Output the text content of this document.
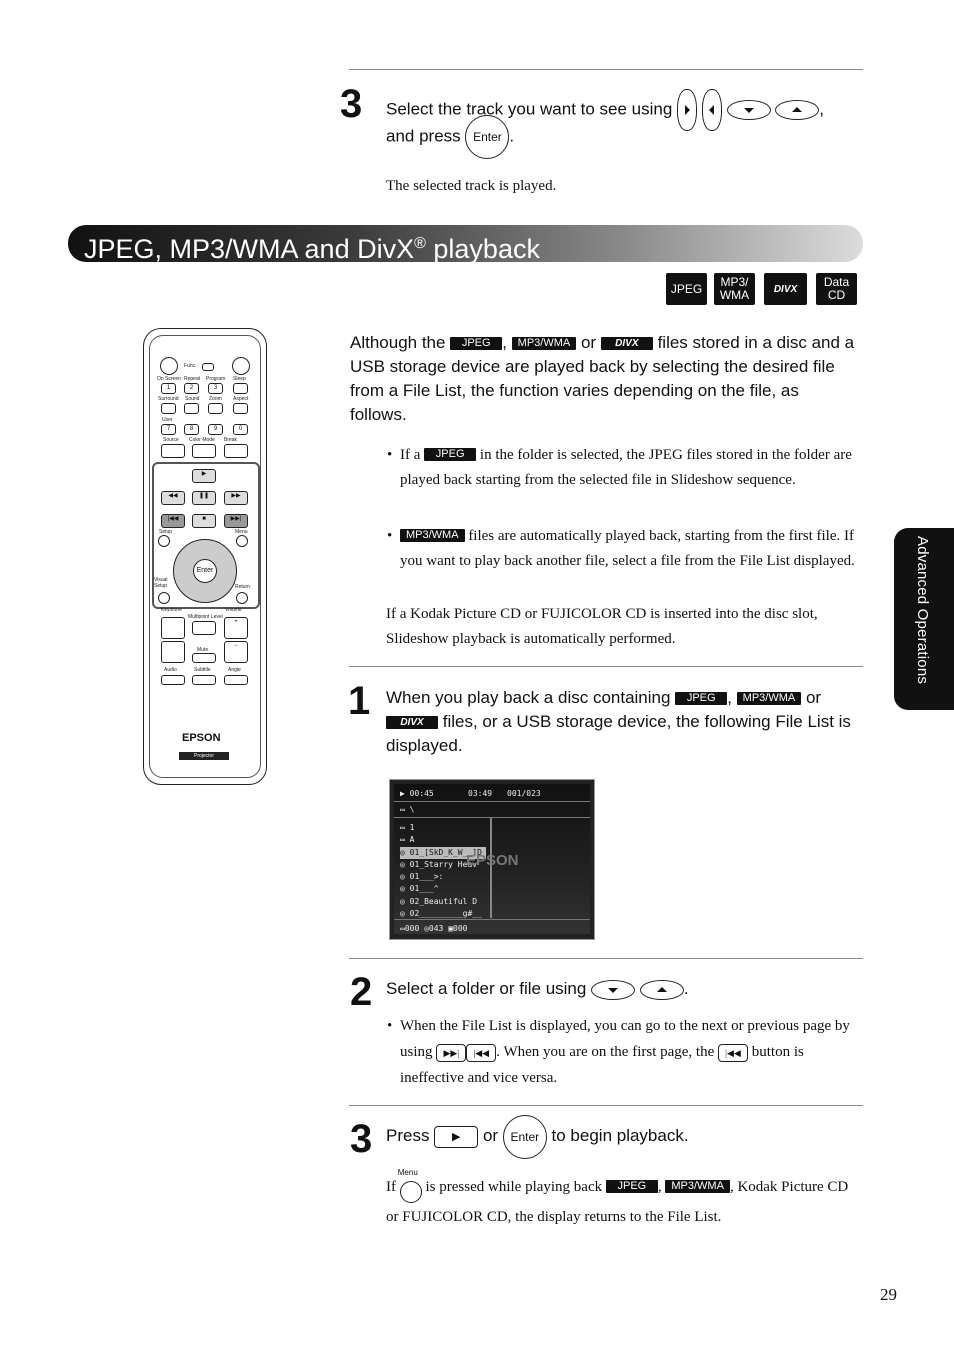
3 Select the track you want to see using

	,
and press Enter .
The selected track is played.
JPEG, MP3/WMA and DivX® playback
JPEG	MP3/ WMA	DIVX	Data CD
Func.
On Screen Repeat Program Sleep
1	2	3
Surround Sound Zoom Aspect
User
7	8	9	0
Source Color Mode Break
▶
◀◀	❚❚	▶▶
|◀◀	■	▶▶|
Setup	Menu
Enter
Visual Setup	Return
Keystone	Volume
Multipoint Level
+
Mute
−
Audio	Subtitle	Angle
EPSON
Projector
Although the JPEG , MP3/WMA or DIVX files stored in a disc and a USB storage device are played back by selecting the desired file from a File List, the function varies depending on the file, as follows.
• If a JPEG in the folder is selected, the JPEG files stored in the folder are played back starting from the selected file in Slideshow sequence.
• MP3/WMA files are automatically played back, starting from the first file. If you want to play back another file, select a file from the File List displayed.
If a Kodak Picture CD or FUJICOLOR CD is inserted into the disc slot, Slideshow playback is automatically performed.
1 When you play back a disc containing JPEG , MP3/WMA or DIVX files, or a USB storage device, the following File List is displayed.
▶ 00:45	03:49 001/023
▭ \
▭ 1
▭ A
◎ 01_[SkD_K_W__]D
◎ 01_Starry Heav
◎ 01___>:
◎ 01___^
◎ 02_Beautiful D
◎ 02_________g#__
EPSON
▭000 ◎043 ▣000
2 Select a folder or file using
	.
• When the File List is displayed, you can go to the next or previous page by using ▶▶| |◀◀ . When you are on the first page, the |◀◀ button is ineffective and vice versa.
3 Press ▶ or Enter to begin playback.
If
Menu
is pressed while playing back JPEG , MP3/WMA , Kodak Picture CD or FUJICOLOR CD, the display returns to the File List.
Advanced Operations
29
